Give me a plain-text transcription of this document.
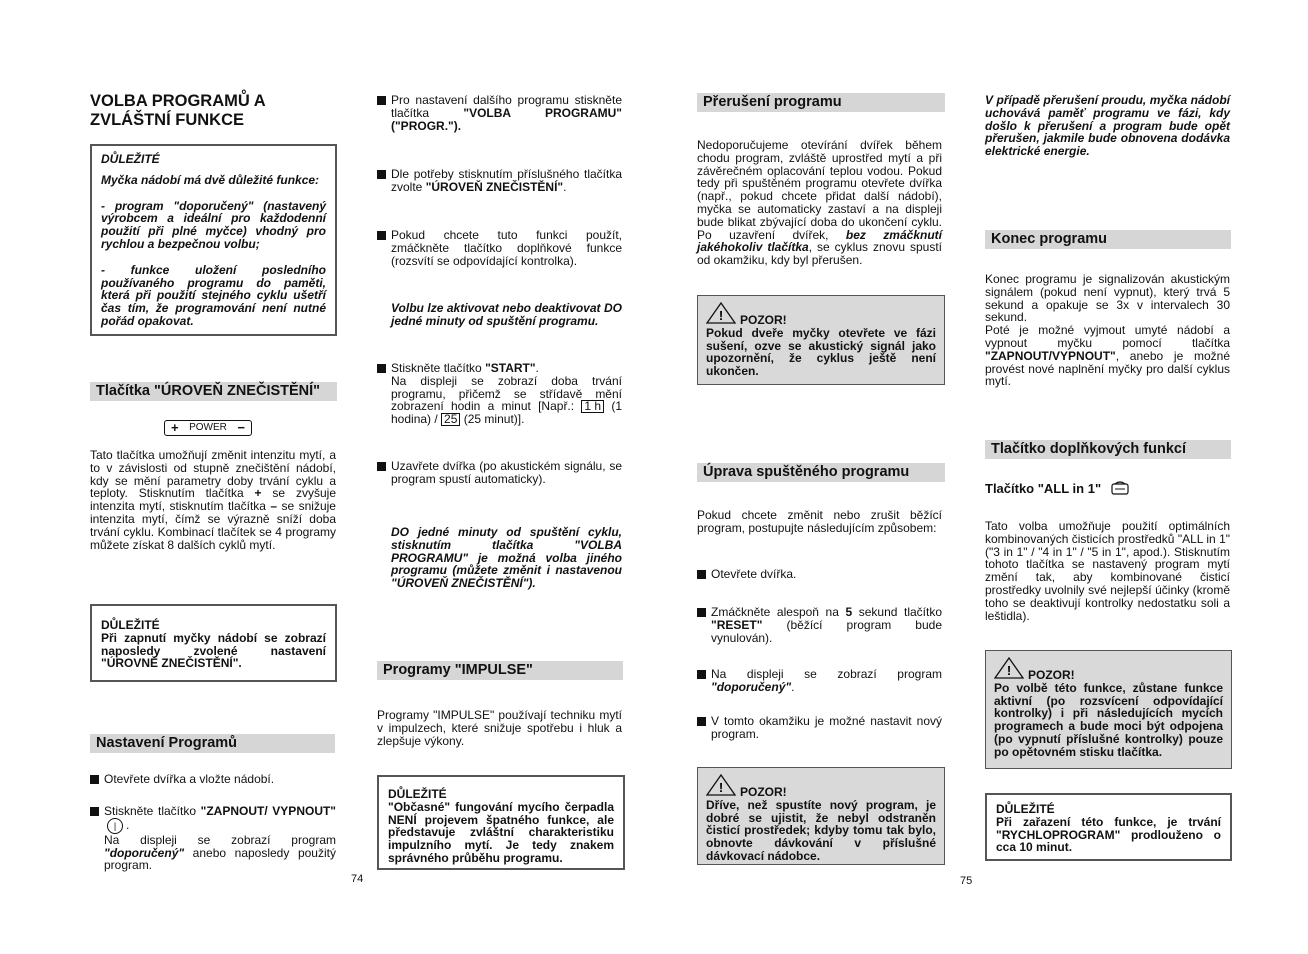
VOLBA PROGRAMŮ A ZVLÁŠTNÍ FUNKCE
DŮLEŽITÉ
Myčka nádobí má dvě důležité funkce:
- program "doporučený" (nastavený výrobcem a ideální pro každodenní použití při plné myčce) vhodný pro rychlou a bezpečnou volbu;
- funkce uložení posledního používaného programu do paměti, která při použití stejného cyklu ušetří čas tím, že programování není nutné pořád opakovat.
Tlačítka "ÚROVEŇ ZNEČISTĚNÍ"
+ POWER −

Tato tlačítka umožňují změnit intenzitu mytí, a to v závislosti od stupně znečištění nádobí, kdy se mění parametry doby trvání cyklu a teploty. Stisknutím tlačítka + se zvyšuje intenzita mytí, stisknutím tlačítka – se snižuje intenzita mytí, čímž se výrazně sníží doba trvání cyklu. Kombinací tlačítek se 4 programy můžete získat 8 dalších cyklů mytí.

DŮLEŽITÉ
Při zapnutí myčky nádobí se zobrazí naposledy zvolené nastavení "ÚROVNĚ ZNEČISTĚNÍ".
Nastavení Programů
Otevřete dvířka a vložte nádobí.
Stiskněte tlačítko "ZAPNOUT/ VYPNOUT" | .
Na displeji se zobrazí program "doporučený" anebo naposledy použitý program.
74
Pro nastavení dalšího programu stiskněte tlačítka	"VOLBA PROGRAMU" ("PROGR.").
Dle potřeby stisknutím příslušného tlačítka zvolte "ÚROVEŇ ZNEČISTĚNÍ".
Pokud chcete tuto funkci použít, zmáčkněte tlačítko doplňkové funkce (rozsvítí se odpovídající kontrolka).

Volbu lze aktivovat nebo deaktivovat DO jedné minuty od spuštění programu.

Stiskněte tlačítko "START".
Na displeji se zobrazí doba trvání programu, přičemž se střídavě mění zobrazení hodin a minut [Např.: 1 h (1 hodina) / 25 (25 minut)].
Uzavřete dvířka (po akustickém signálu, se program spustí automaticky).

DO jedné minuty od spuštění cyklu, stisknutím tlačítka "VOLBA PROGRAMU" je možná volba jiného programu (můžete změnit i nastavenou "ÚROVEŇ ZNEČISTĚNÍ").

Programy "IMPULSE"

Programy "IMPULSE" používají techniku mytí v impulzech, které snižuje spotřebu i hluk a zlepšuje výkony.

DŮLEŽITÉ
"Občasné" fungování mycího čerpadla NENÍ projevem špatného funkce, ale představuje zvláštní charakteristiku impulzního mytí. Je tedy znakem správného průběhu programu.
Přerušení programu

Nedoporučujeme otevírání dvířek během chodu program, zvláště uprostřed mytí a při závěrečném oplacování teplou vodou. Pokud tedy při spuštěném programu otevřete dvířka (např., pokud chcete přidat další nádobí), myčka se automaticky zastaví a na displeji bude blikat zbývající doba do ukončení cyklu. Po uzavření dvířek, bez zmáčknutí jakéhokoliv tlačítka, se cyklus znovu spustí od okamžiku, kdy byl přerušen.

! POZOR!
Pokud dveře myčky otevřete ve fázi sušení, ozve se akustický signál jako upozornění, že cyklus ještě není ukončen.
Úprava spuštěného programu

Pokud chcete změnit nebo zrušit běžící program, postupujte následujícím způsobem:

Otevřete dvířka.
Zmáčkněte alespoň na 5 sekund tlačítko "RESET" (běžící program bude vynulován).
Na displeji se zobrazí program "doporučený".
V tomto okamžiku je možné nastavit nový program.
! POZOR!
Dříve, než spustíte nový program, je dobré se ujistit, že nebyl odstraněn čisticí prostředek; kdyby tomu tak bylo, obnovte dávkování v příslušné dávkovací nádobce.

V případě přerušení proudu, myčka nádobí uchovává paměť programu ve fázi, kdy došlo k přerušení a program bude opět přerušen, jakmile bude obnovena dodávka elektrické energie.

Konec programu

Konec programu je signalizován akustickým signálem (pokud není vypnut), který trvá 5 sekund a opakuje se 3x v intervalech 30 sekund.
Poté je možné vyjmout umyté nádobí a vypnout myčku pomocí tlačítka "ZAPNOUT/VYPNOUT", anebo je možné provést nové naplnění myčky pro další cyklus mytí.

Tlačítko doplňkových funkcí
Tlačítko "ALL in 1"

Tato volba umožňuje použití optimálních kombinovaných čisticích prostředků "ALL in 1" ("3 in 1" / "4 in 1" / "5 in 1", apod.). Stisknutím tohoto tlačítka se nastavený program mytí změní tak, aby kombinované čisticí prostředky uvolnily své nejlepší účinky (kromě toho se deaktivují kontrolky nedostatku soli a leštidla).

! POZOR!
Po volbě této funkce, zůstane funkce aktivní (po rozsvícení odpovídající kontrolky) i při následujících mycích programech a bude moci být odpojena (po vypnutí příslušné kontrolky) pouze po opětovném stisku tlačítka.
DŮLEŽITÉ
Při zařazení této funkce, je trvání "RYCHLOPROGRAM" prodlouženo o cca 10 minut.
75
